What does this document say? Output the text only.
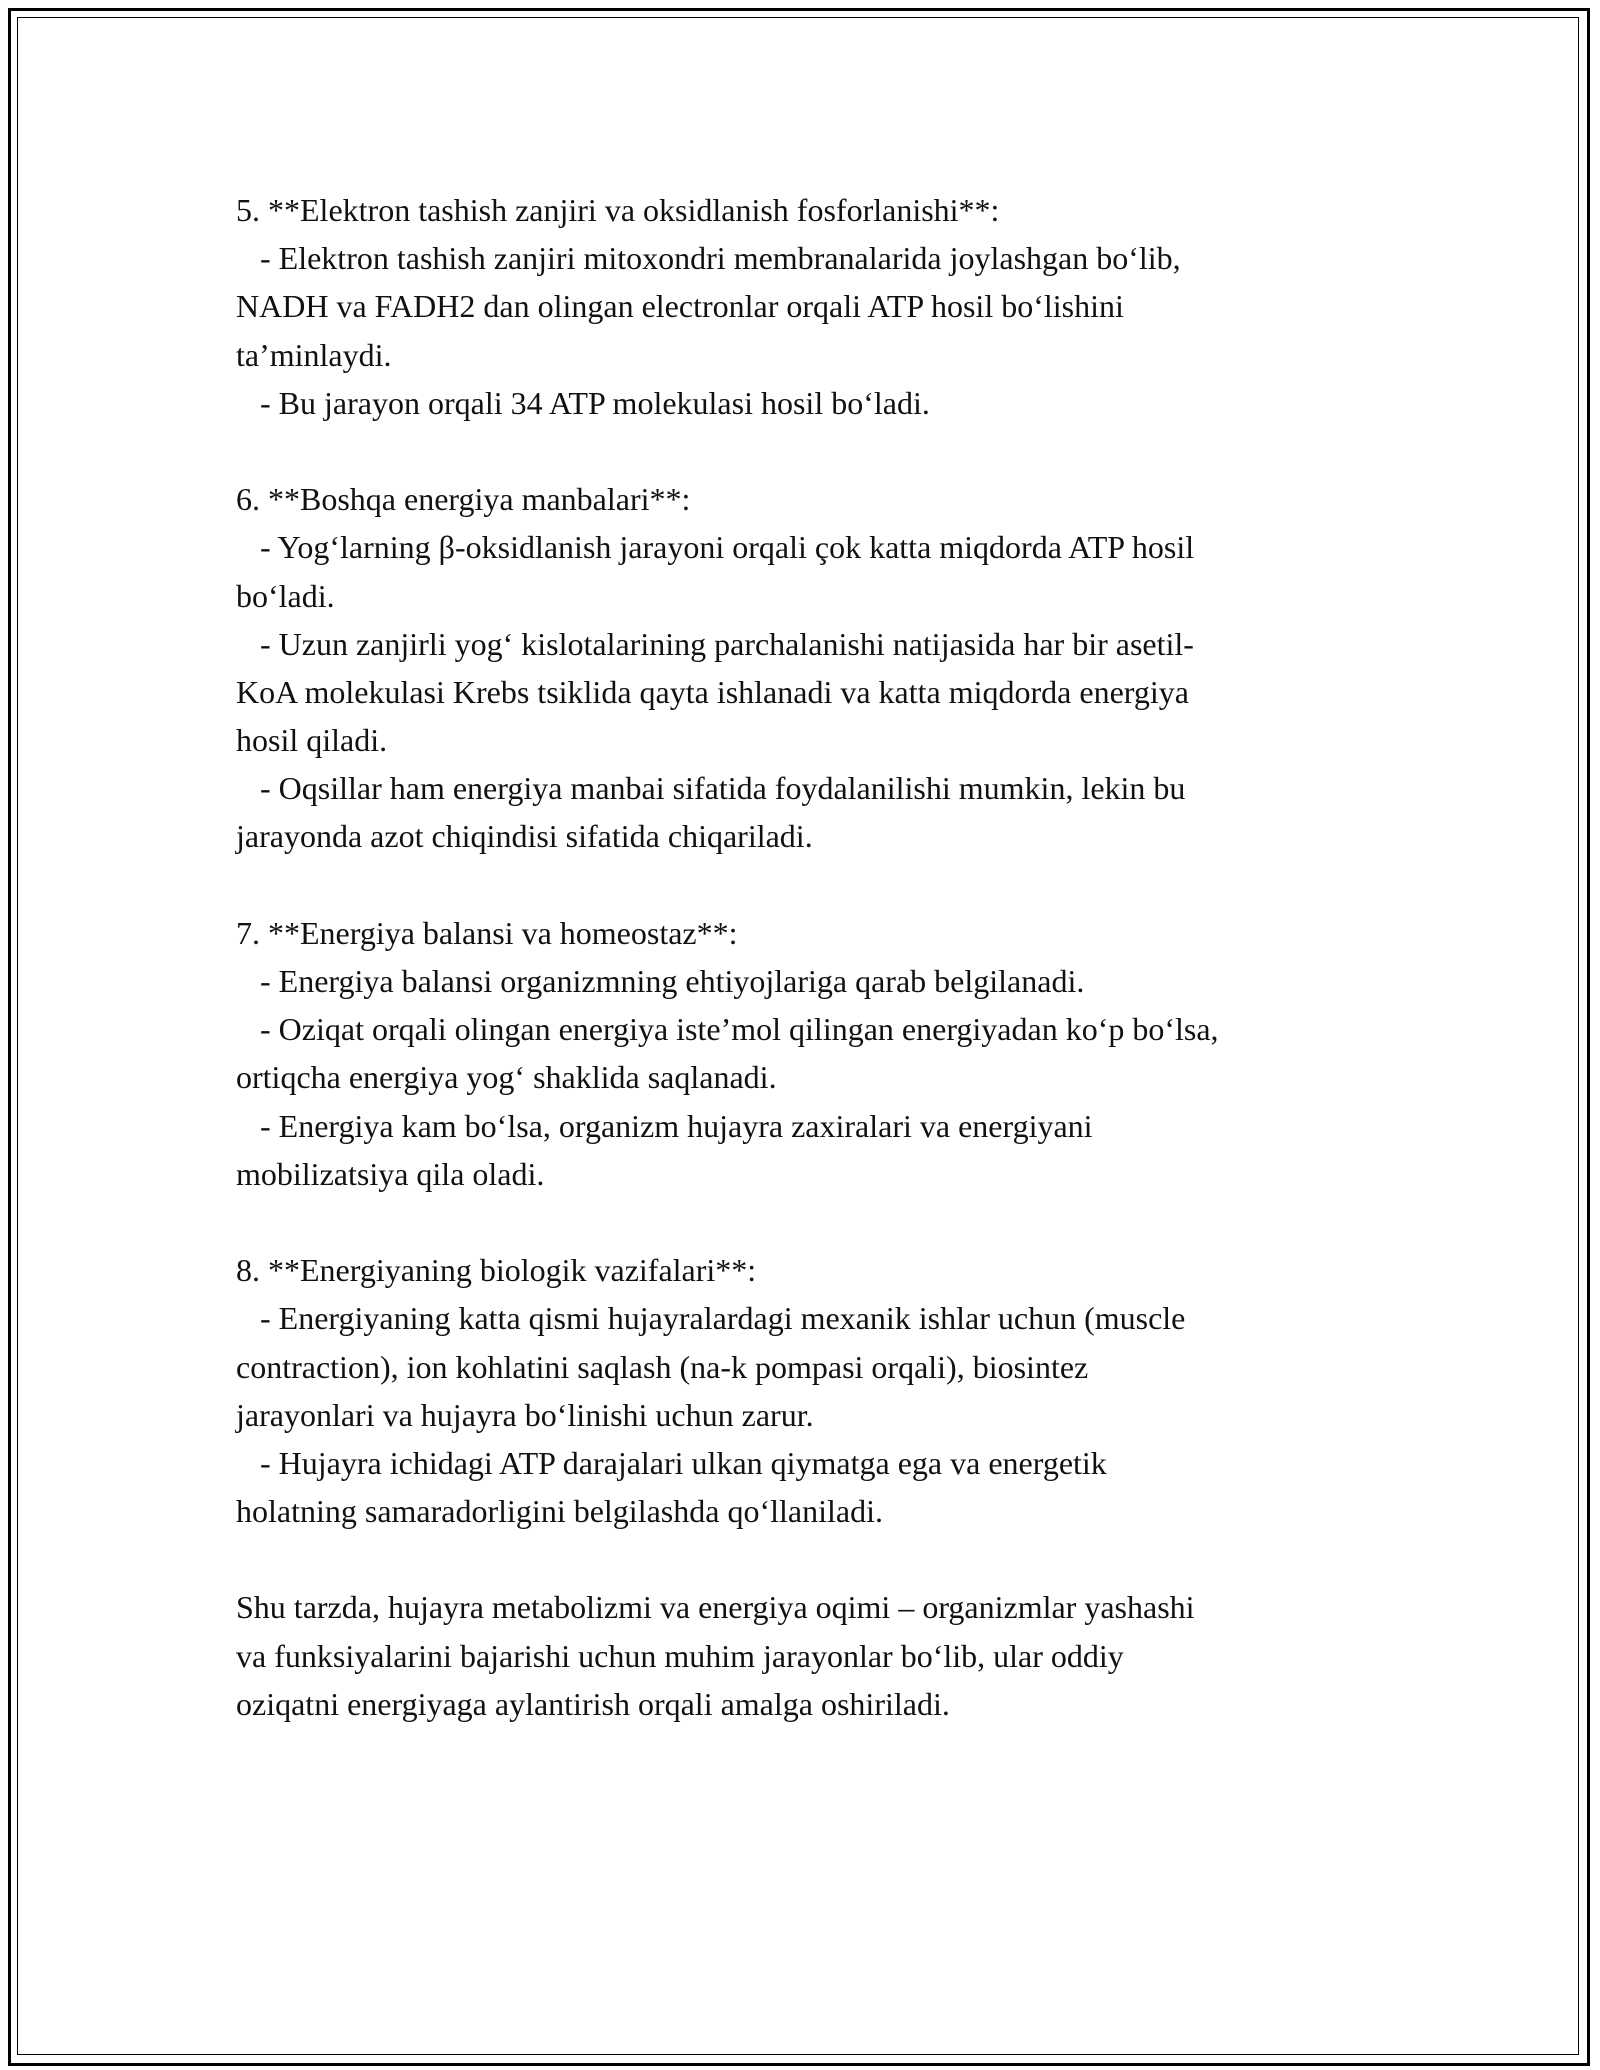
5. **Elektron tashish zanjiri va oksidlanish fosforlanishi**:
- Elektron tashish zanjiri mitoxondri membranalarida joylashgan bo‘lib,
NADH va FADH2 dan olingan electronlar orqali ATP hosil bo‘lishini
ta’minlaydi.
- Bu jarayon orqali 34 ATP molekulasi hosil bo‘ladi.
6. **Boshqa energiya manbalari**:
- Yog‘larning β-oksidlanish jarayoni orqali çok katta miqdorda ATP hosil
bo‘ladi.
- Uzun zanjirli yog‘ kislotalarining parchalanishi natijasida har bir asetil-
KoA molekulasi Krebs tsiklida qayta ishlanadi va katta miqdorda energiya
hosil qiladi.
- Oqsillar ham energiya manbai sifatida foydalanilishi mumkin, lekin bu
jarayonda azot chiqindisi sifatida chiqariladi.
7. **Energiya balansi va homeostaz**:
- Energiya balansi organizmning ehtiyojlariga qarab belgilanadi.
- Oziqat orqali olingan energiya iste’mol qilingan energiyadan ko‘p bo‘lsa,
ortiqcha energiya yog‘ shaklida saqlanadi.
- Energiya kam bo‘lsa, organizm hujayra zaxiralari va energiyani
mobilizatsiya qila oladi.
8. **Energiyaning biologik vazifalari**:
- Energiyaning katta qismi hujayralardagi mexanik ishlar uchun (muscle
contraction), ion kohlatini saqlash (na-k pompasi orqali), biosintez
jarayonlari va hujayra bo‘linishi uchun zarur.
- Hujayra ichidagi ATP darajalari ulkan qiymatga ega va energetik
holatning samaradorligini belgilashda qo‘llaniladi.
Shu tarzda, hujayra metabolizmi va energiya oqimi – organizmlar yashashi
va funksiyalarini bajarishi uchun muhim jarayonlar bo‘lib, ular oddiy
oziqatni energiyaga aylantirish orqali amalga oshiriladi.
